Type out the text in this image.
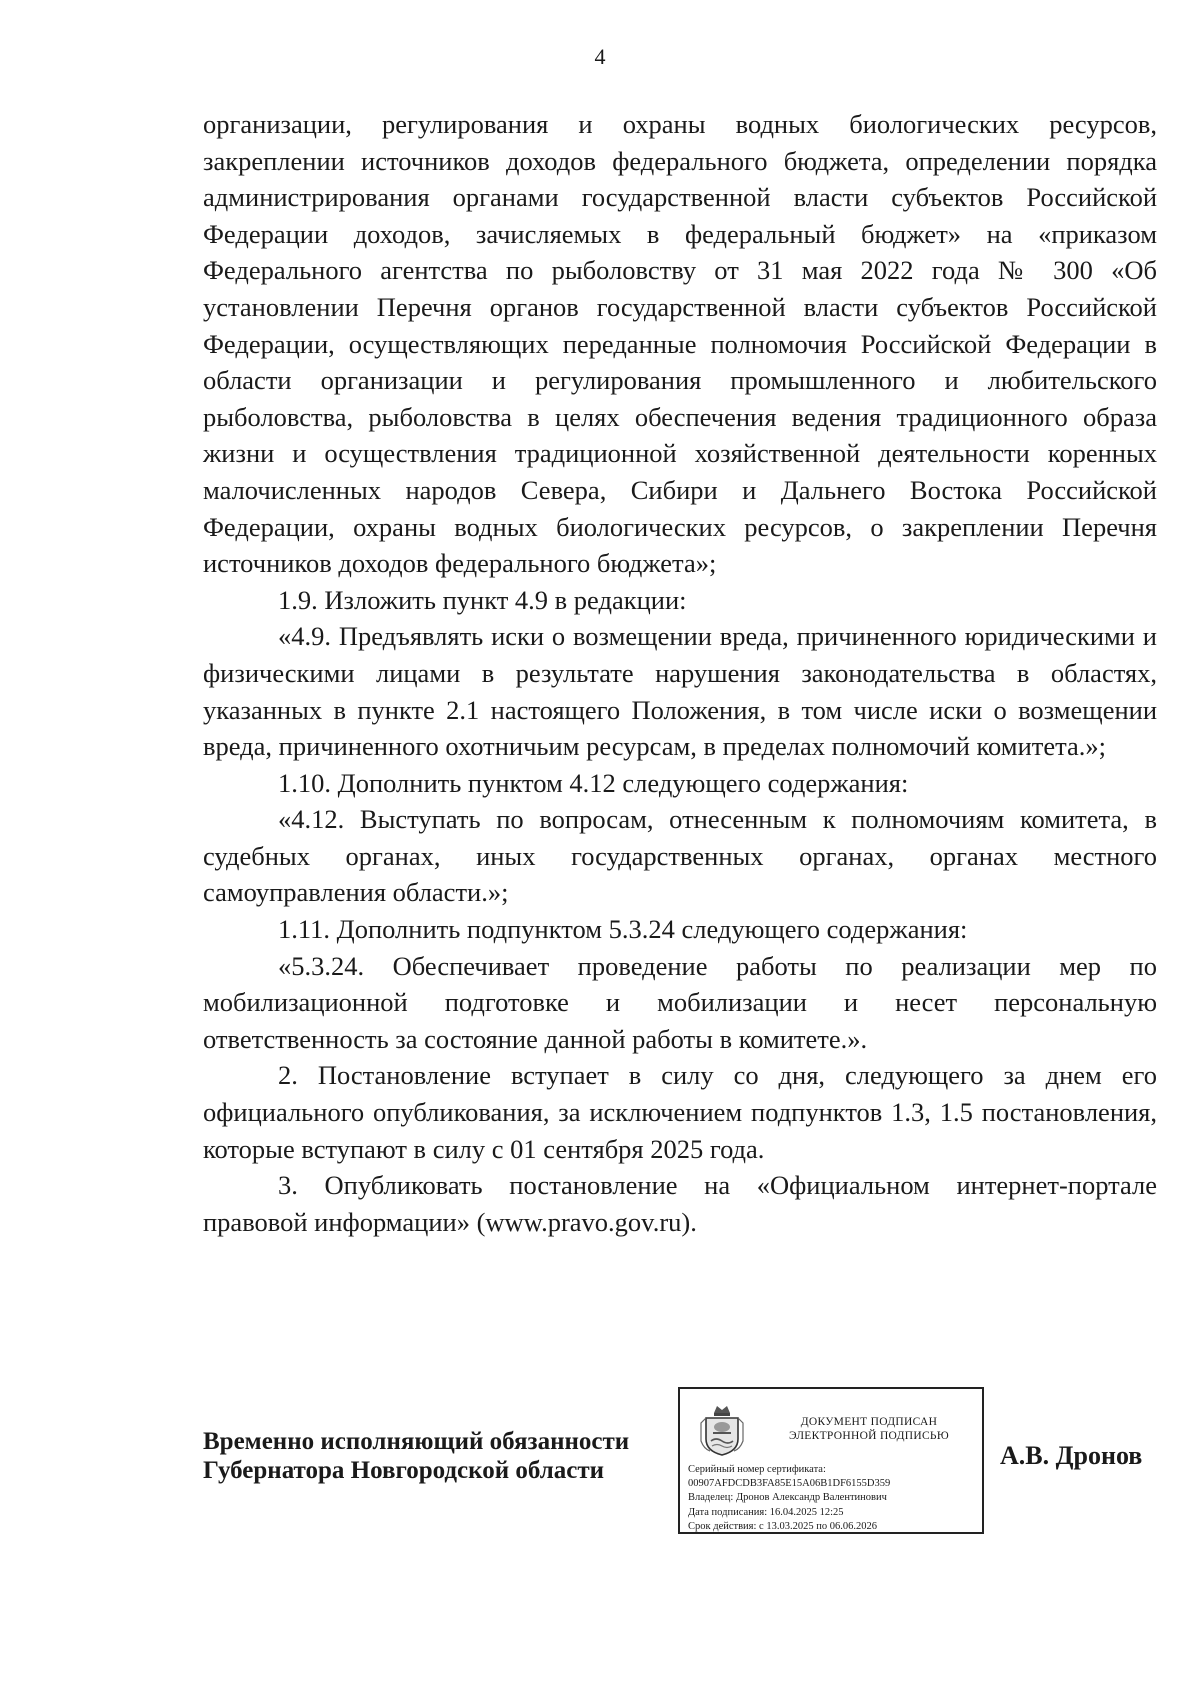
4

организации, регулирования и охраны водных биологических ресурсов, закреплении источников доходов федерального бюджета, определении порядка администрирования органами государственной власти субъектов Российской Федерации доходов, зачисляемых в федеральный бюджет» на «приказом Федерального агентства по рыболовству от 31 мая 2022 года № 300 «Об установлении Перечня органов государственной власти субъектов Российской Федерации, осуществляющих переданные полномочия Российской Федерации в области организации и регулирования промышленного и любительского рыболовства, рыболовства в целях обеспечения ведения традиционного образа жизни и осуществления традиционной хозяйственной деятельности коренных малочисленных народов Севера, Сибири и Дальнего Востока Российской Федерации, охраны водных биологических ресурсов, о закреплении Перечня источников доходов федерального бюджета»;

1.9. Изложить пункт 4.9 в редакции:

«4.9. Предъявлять иски о возмещении вреда, причиненного юридическими и физическими лицами в результате нарушения законодательства в областях, указанных в пункте 2.1 настоящего Положения, в том числе иски о возмещении вреда, причиненного охотничьим ресурсам, в пределах полномочий комитета.»;

1.10. Дополнить пунктом 4.12 следующего содержания:

«4.12. Выступать по вопросам, отнесенным к полномочиям комитета, в судебных органах, иных государственных органах, органах местного самоуправления области.»;

1.11. Дополнить подпунктом 5.3.24 следующего содержания:

«5.3.24. Обеспечивает проведение работы по реализации мер по мобилизационной подготовке и мобилизации и несет персональную ответственность за состояние данной работы в комитете.».

2. Постановление вступает в силу со дня, следующего за днем его официального опубликования, за исключением подпунктов 1.3, 1.5 постановления, которые вступают в силу с 01 сентября 2025 года.

3. Опубликовать постановление на «Официальном интернет-портале правовой информации» (www.pravo.gov.ru).

Временно исполняющий обязанности
Губернатора Новгородской области
ДОКУМЕНТ ПОДПИСАН
ЭЛЕКТРОННОЙ ПОДПИСЬЮ
Серийный номер сертификата:
00907AFDCDB3FA85E15A06B1DF6155D359
Владелец: Дронов Александр Валентинович
Дата подписания: 16.04.2025 12:25
Срок действия: с 13.03.2025 по 06.06.2026
А.В. Дронов
